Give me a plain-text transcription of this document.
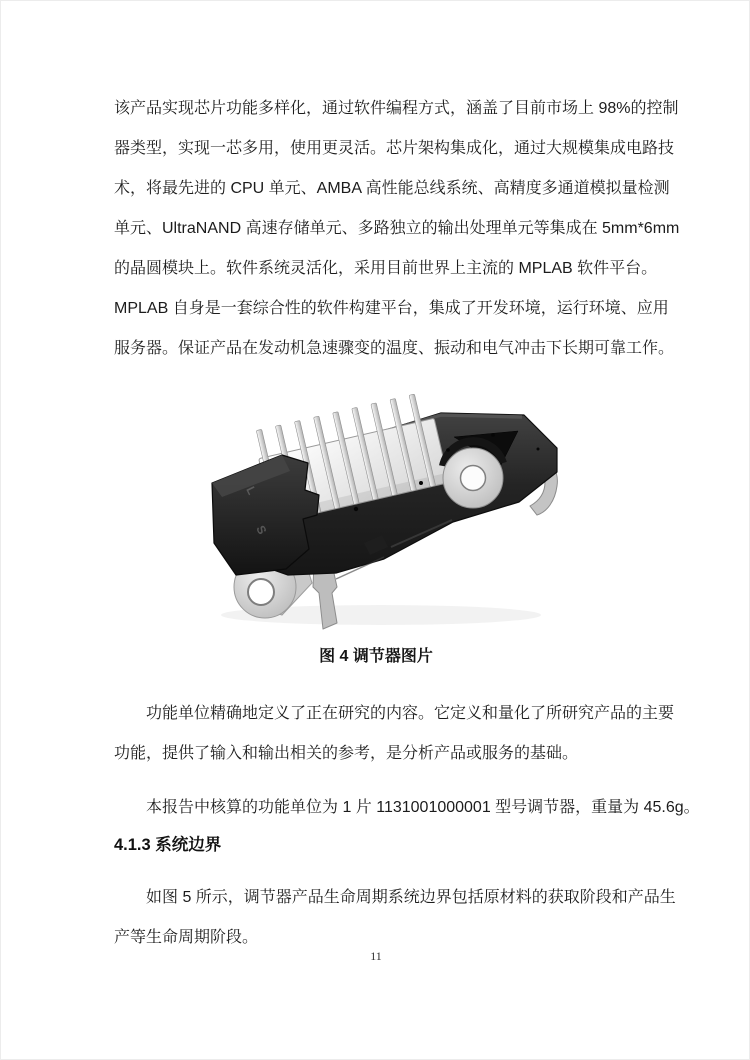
该产品实现芯片功能多样化，通过软件编程方式，涵盖了目前市场上 98%的控制
器类型，实现一芯多用，使用更灵活。芯片架构集成化，通过大规模集成电路技
术，将最先进的 CPU 单元、AMBA 高性能总线系统、高精度多通道模拟量检测
单元、UltraNAND 高速存储单元、多路独立的输出处理单元等集成在 5mm*6mm
的晶圆模块上。软件系统灵活化，采用目前世界上主流的 MPLAB 软件平台。
MPLAB 自身是一套综合性的软件构建平台，集成了开发环境，运行环境、应用
服务器。保证产品在发动机急速骤变的温度、振动和电气冲击下长期可靠工作。
L
S
图 4 调节器图片
功能单位精确地定义了正在研究的内容。它定义和量化了所研究产品的主要
功能，提供了输入和输出相关的参考，是分析产品或服务的基础。
本报告中核算的功能单位为 1 片 1131001000001 型号调节器，重量为 45.6g。
4.1.3 系统边界
如图 5 所示，调节器产品生命周期系统边界包括原材料的获取阶段和产品生
产等生命周期阶段。
11
